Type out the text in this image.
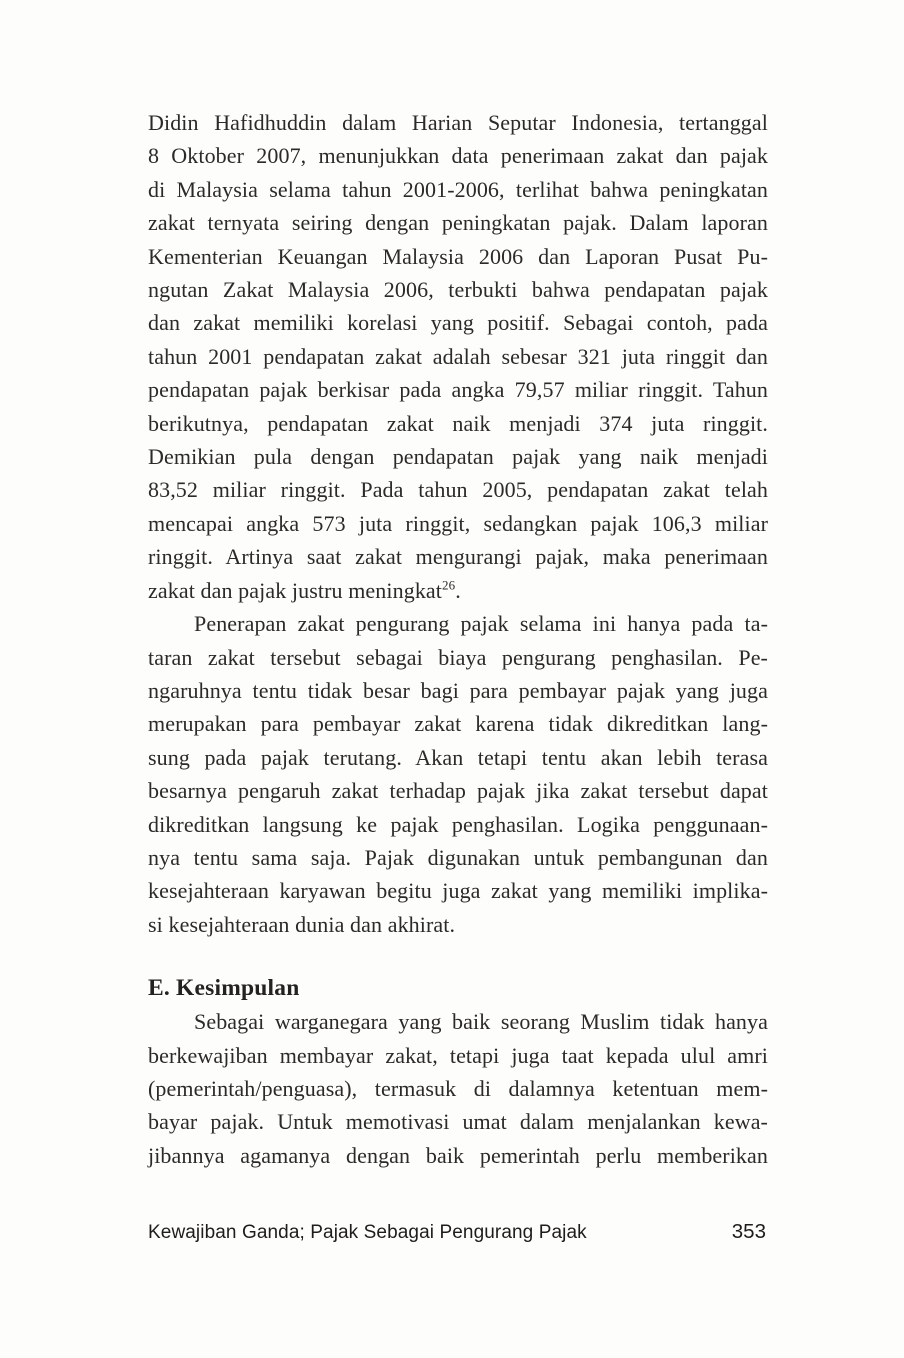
Didin Hafidhuddin dalam Harian Seputar Indonesia, tertanggal
8 Oktober 2007, menunjukkan data penerimaan zakat dan pajak
di Malaysia selama tahun 2001-2006, terlihat bahwa peningkatan
zakat ternyata seiring dengan peningkatan pajak. Dalam laporan
Kementerian Keuangan Malaysia 2006 dan Laporan Pusat Pu-
ngutan Zakat Malaysia 2006, terbukti bahwa pendapatan pajak
dan zakat memiliki korelasi yang positif. Sebagai contoh, pada
tahun 2001 pendapatan zakat adalah sebesar 321 juta ringgit dan
pendapatan pajak berkisar pada angka 79,57 miliar ringgit. Tahun
berikutnya, pendapatan zakat naik menjadi 374 juta ringgit.
Demikian pula dengan pendapatan pajak yang naik menjadi
83,52 miliar ringgit. Pada tahun 2005, pendapatan zakat telah
mencapai angka 573 juta ringgit, sedangkan pajak 106,3 miliar
ringgit. Artinya saat zakat mengurangi pajak, maka penerimaan
zakat dan pajak justru meningkat$^{26}$.
Penerapan zakat pengurang pajak selama ini hanya pada ta-
taran zakat tersebut sebagai biaya pengurang penghasilan. Pe-
ngaruhnya tentu tidak besar bagi para pembayar pajak yang juga
merupakan para pembayar zakat karena tidak dikreditkan lang-
sung pada pajak terutang. Akan tetapi tentu akan lebih terasa
besarnya pengaruh zakat terhadap pajak jika zakat tersebut dapat
dikreditkan langsung ke pajak penghasilan. Logika penggunaan-
nya tentu sama saja. Pajak digunakan untuk pembangunan dan
kesejahteraan karyawan begitu juga zakat yang memiliki implika-
si kesejahteraan dunia dan akhirat.
E. Kesimpulan
Sebagai warganegara yang baik seorang Muslim tidak hanya
berkewajiban membayar zakat, tetapi juga taat kepada ulul amri
(pemerintah/penguasa), termasuk di dalamnya ketentuan mem-
bayar pajak. Untuk memotivasi umat dalam menjalankan kewa-
jibannya agamanya dengan baik pemerintah perlu memberikan
Kewajiban Ganda; Pajak Sebagai Pengurang Pajak	353
